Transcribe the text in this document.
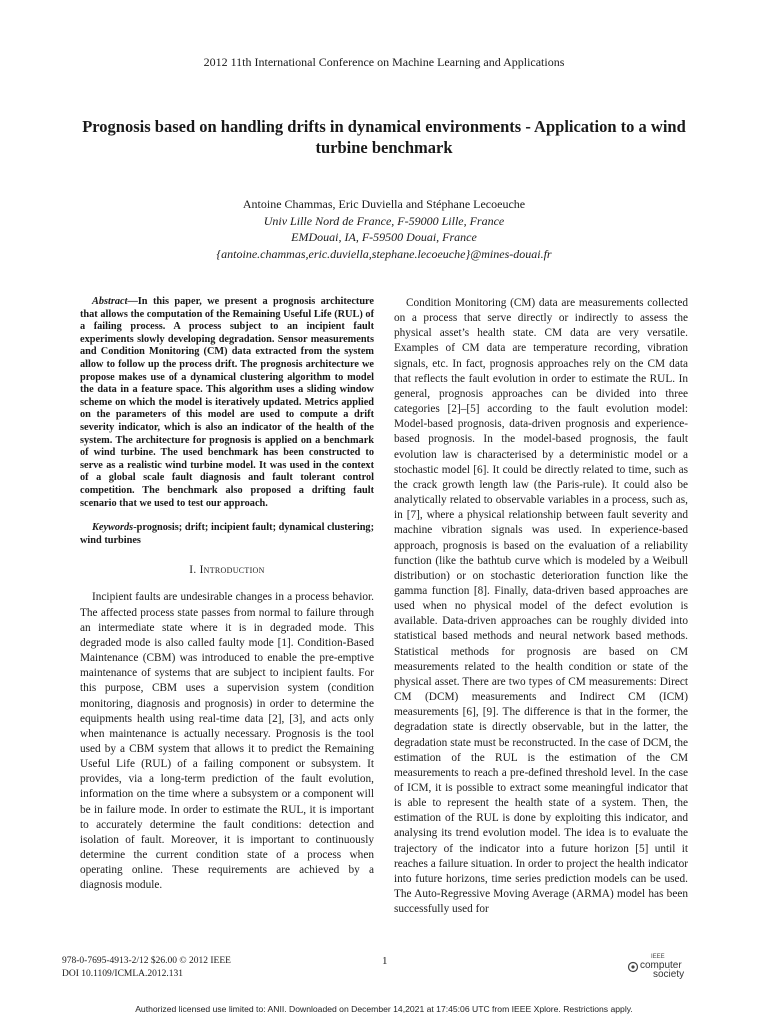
2012 11th International Conference on Machine Learning and Applications
Prognosis based on handling drifts in dynamical environments - Application to a wind turbine benchmark
Antoine Chammas, Eric Duviella and Stéphane Lecoeuche
Univ Lille Nord de France, F-59000 Lille, France
EMDouai, IA, F-59500 Douai, France
{antoine.chammas,eric.duviella,stephane.lecoeuche}@mines-douai.fr

Abstract—In this paper, we present a prognosis architecture that allows the computation of the Remaining Useful Life (RUL) of a failing process. A process subject to an incipient fault experiments slowly developing degradation. Sensor measurements and Condition Monitoring (CM) data extracted from the system allow to follow up the process drift. The prognosis architecture we propose makes use of a dynamical clustering algorithm to model the data in a feature space. This algorithm uses a sliding window scheme on which the model is iteratively updated. Metrics applied on the parameters of this model are used to compute a drift severity indicator, which is also an indicator of the health of the system. The architecture for prognosis is applied on a benchmark of wind turbine. The used benchmark has been constructed to serve as a realistic wind turbine model. It was used in the context of a global scale fault diagnosis and fault tolerant control competition. The benchmark also proposed a drifting fault scenario that we used to test our approach.

Keywords-prognosis; drift; incipient fault; dynamical clustering; wind turbines

I. Introduction

Incipient faults are undesirable changes in a process behavior. The affected process state passes from normal to failure through an intermediate state where it is in degraded mode. This degraded mode is also called faulty mode [1]. Condition-Based Maintenance (CBM) was introduced to enable the pre-emptive maintenance of systems that are subject to incipient faults. For this purpose, CBM uses a supervision system (condition monitoring, diagnosis and prognosis) in order to determine the equipments health using real-time data [2], [3], and acts only when maintenance is actually necessary. Prognosis is the tool used by a CBM system that allows it to predict the Remaining Useful Life (RUL) of a failing component or subsystem. It provides, via a long-term prediction of the fault evolution, information on the time where a subsystem or a component will be in failure mode. In order to estimate the RUL, it is important to accurately determine the fault conditions: detection and isolation of fault. Moreover, it is important to continuously determine the current condition state of a process when operating online. These requirements are achieved by a diagnosis module.

Condition Monitoring (CM) data are measurements collected on a process that serve directly or indirectly to assess the physical asset’s health state. CM data are very versatile. Examples of CM data are temperature recording, vibration signals, etc. In fact, prognosis approaches rely on the CM data that reflects the fault evolution in order to estimate the RUL. In general, prognosis approaches can be divided into three categories [2]–[5] according to the fault evolution model: Model-based prognosis, data-driven prognosis and experience-based prognosis. In the model-based prognosis, the fault evolution law is characterised by a deterministic model or a stochastic model [6]. It could be directly related to time, such as the crack growth length law (the Paris-rule). It could also be analytically related to observable variables in a process, such as, in [7], where a physical relationship between fault severity and machine vibration signals was used. In experience-based approach, prognosis is based on the evaluation of a reliability function (like the bathtub curve which is modeled by a Weibull distribution) or on stochastic deterioration function like the gamma function [8]. Finally, data-driven based approaches are used when no physical model of the defect evolution is available. Data-driven approaches can be roughly divided into statistical based methods and neural network based methods. Statistical methods for prognosis are based on CM measurements related to the health condition or state of the physical asset. There are two types of CM measurements: Direct CM (DCM) measurements and Indirect CM (ICM) measurements [6], [9]. The difference is that in the former, the degradation state is directly observable, but in the latter, the degradation state must be reconstructed. In the case of DCM, the estimation of the RUL is the estimation of the CM measurements to reach a pre-defined threshold level. In the case of ICM, it is possible to extract some meaningful indicator that is able to represent the health state of a system. Then, the estimation of the RUL is done by exploiting this indicator, and analysing its trend evolution model. The idea is to evaluate the trajectory of the indicator into a future horizon [5] until it reaches a failure situation. In order to project the health indicator into future horizons, time series prediction models can be used. The Auto-Regressive Moving Average (ARMA) model has been successfully used for

978-0-7695-4913-2/12 $26.00 © 2012 IEEE
DOI 10.1109/ICMLA.2012.131
1	IEEE
computer
society
Authorized licensed use limited to: ANII. Downloaded on December 14,2021 at 17:45:06 UTC from IEEE Xplore. Restrictions apply.
